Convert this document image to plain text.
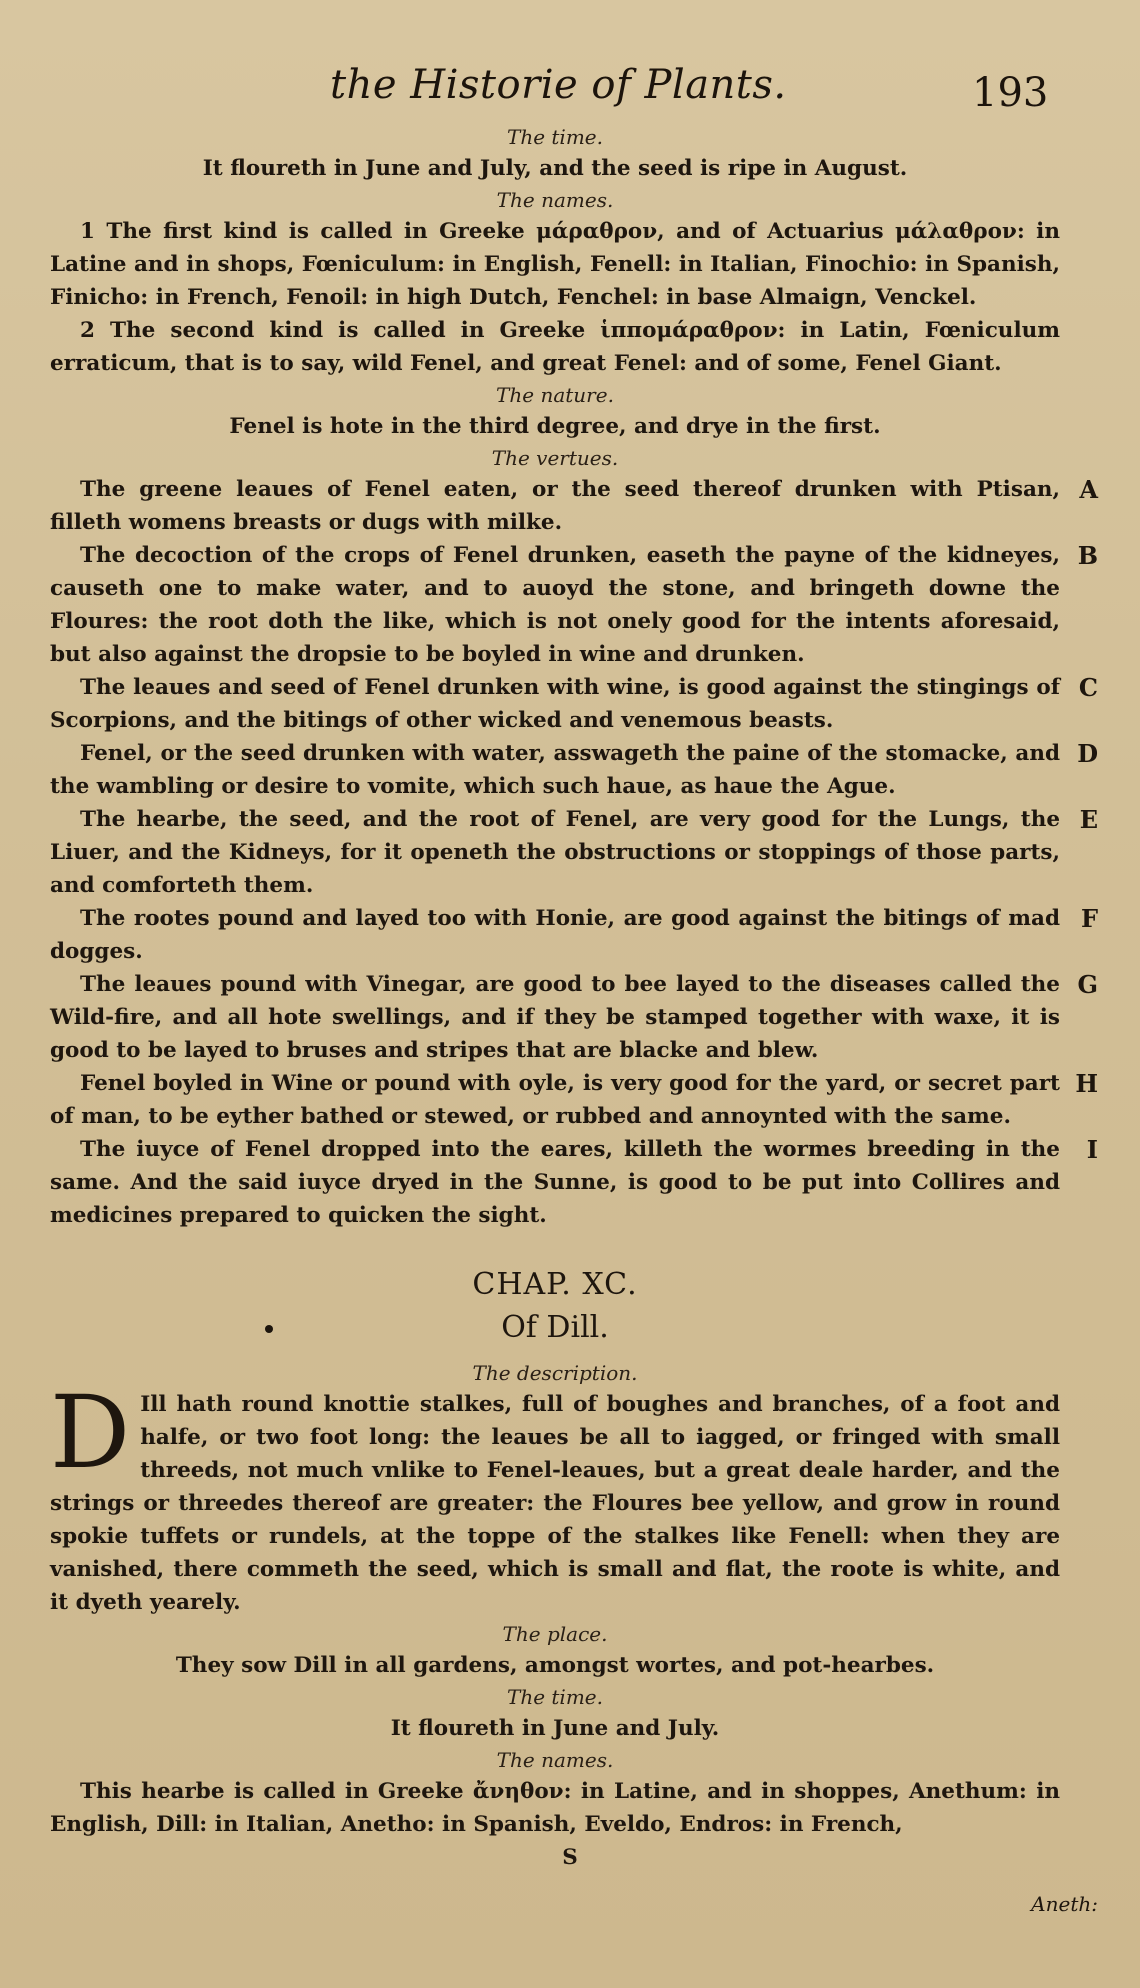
the Historie of Plants.	193

The time.

It floureth in June and July, and the seed is ripe in August.

The names.

1 The first kind is called in Greeke μάραθρον, and of Actuarius μάλαθρον: in Latine and in shops, Fœniculum: in English, Fenell: in Italian, Finochio: in Spanish, Finicho: in French, Fenoil: in high Dutch, Fenchel: in base Almaign, Venckel.

2 The second kind is called in Greeke ἱππομάραθρον: in Latin, Fœniculum erraticum, that is to say, wild Fenel, and great Fenel: and of some, Fenel Giant.

The nature.

Fenel is hote in the third degree, and drye in the first.

The vertues.

The greene leaues of Fenel eaten, or the seed thereof drunken with Ptisan, filleth womens breasts or dugs with milke.
A

The decoction of the crops of Fenel drunken, easeth the payne of the kidneyes, causeth one to make water, and to auoyd the stone, and bringeth downe the Floures: the root doth the like, which is not onely good for the intents aforesaid, but also against the dropsie to be boyled in wine and drunken.
B

The leaues and seed of Fenel drunken with wine, is good against the stingings of Scorpions, and the bitings of other wicked and venemous beasts.
C

Fenel, or the seed drunken with water, asswageth the paine of the stomacke, and the wambling or desire to vomite, which such haue, as haue the Ague.
D

The hearbe, the seed, and the root of Fenel, are very good for the Lungs, the Liuer, and the Kidneys, for it openeth the obstructions or stoppings of those parts, and comforteth them.
E

The rootes pound and layed too with Honie, are good against the bitings of mad dogges.
F

The leaues pound with Vinegar, are good to bee layed to the diseases called the Wild-fire, and all hote swellings, and if they be stamped together with waxe, it is good to be layed to bruses and stripes that are blacke and blew.
G

Fenel boyled in Wine or pound with oyle, is very good for the yard, or secret part of man, to be eyther bathed or stewed, or rubbed and annoynted with the same.
H

The iuyce of Fenel dropped into the eares, killeth the wormes breeding in the same. And the said iuyce dryed in the Sunne, is good to be put into Collires and medicines prepared to quicken the sight.
I

CHAP. XC.

Of Dill.

The description.

D Ill hath round knottie stalkes, full of boughes and branches, of a foot and halfe, or two foot long: the leaues be all to iagged, or fringed with small threeds, not much vnlike to Fenel-leaues, but a great deale harder, and the strings or threedes thereof are greater: the Floures bee yellow, and grow in round spokie tuffets or rundels, at the toppe of the stalkes like Fenell: when they are vanished, there commeth the seed, which is small and flat, the roote is white, and it dyeth yearely.

The place.

They sow Dill in all gardens, amongst wortes, and pot-hearbes.

The time.

It floureth in June and July.

The names.

This hearbe is called in Greeke ἄνηθον: in Latine, and in shoppes, Anethum: in English, Dill: in Italian, Anetho: in Spanish, Eveldo, Endros: in French,

S

Aneth:
